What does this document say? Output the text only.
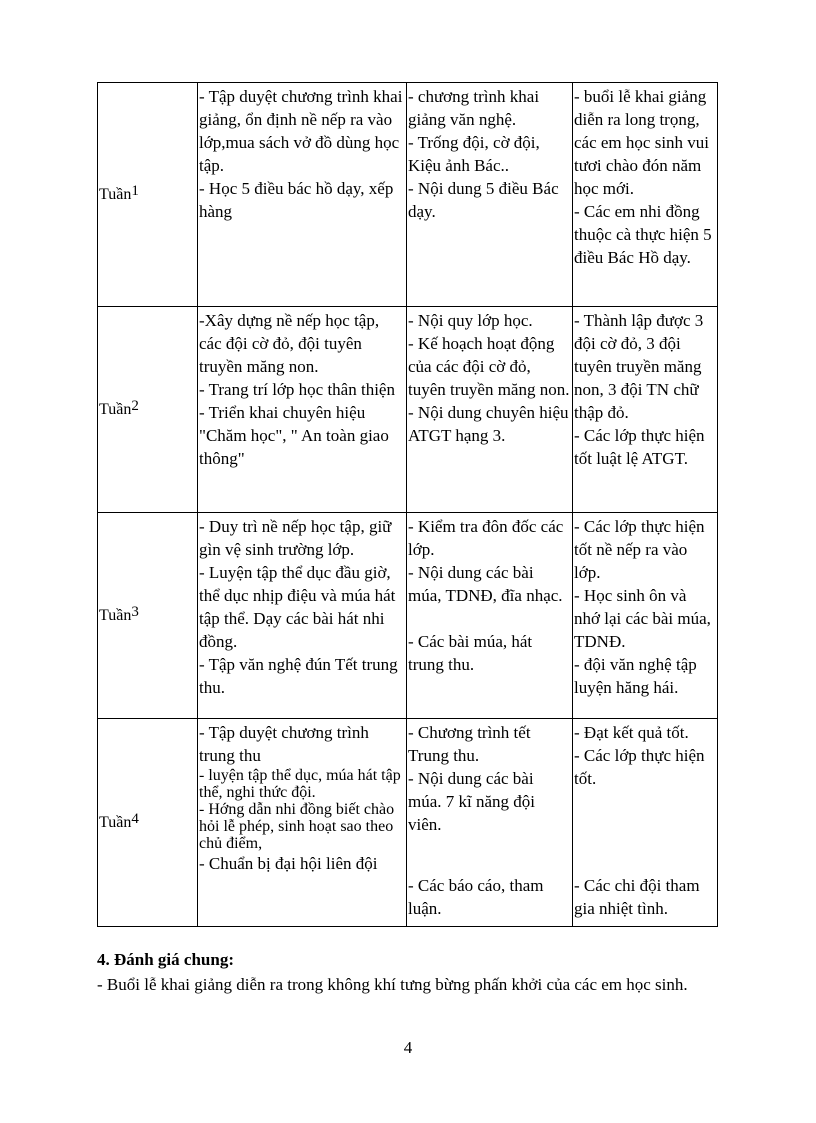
Tuần1	- Tập duyệt chương trình khai giảng, ổn định nề nếp ra vào lớp,mua sách vở đồ dùng học tập.
- Học 5 điều bác hồ dạy, xếp hàng	- chương trình khai giảng văn nghệ.
- Trống đội, cờ đội, Kiệu ảnh Bác..
- Nội dung 5 điều Bác dạy.	- buổi lễ khai giảng diễn ra long trọng, các em học sinh vui tươi chào đón năm học mới.
- Các em nhi đồng thuộc cà thực hiện 5 điều Bác Hồ dạy.

Tuần2	-Xây dựng nề nếp học tập, các đội cờ đỏ, đội tuyên truyền măng non.
- Trang trí lớp học thân thiện
- Triển khai chuyên hiệu "Chăm học", " An toàn giao thông"	- Nội quy lớp học.
- Kế hoạch hoạt động của các đội cờ đỏ, tuyên truyền măng non.
- Nội dung chuyên hiệu ATGT hạng 3.	- Thành lập được 3 đội cờ đỏ, 3 đội tuyên truyền măng non, 3 đội TN chữ thập đỏ.
- Các lớp thực hiện tốt luật lệ ATGT.

Tuần3	- Duy trì nề nếp học tập, giữ gìn vệ sinh trường lớp.
- Luyện tập thể dục đầu giờ, thể dục nhịp điệu và múa hát tập thể. Dạy các bài hát nhi đồng.
- Tập văn nghệ đún Tết trung thu.	- Kiểm tra đôn đốc các lớp.
- Nội dung các bài múa, TDNĐ, đĩa nhạc.
- Các bài múa, hát trung thu.	- Các lớp thực hiện tốt nề nếp ra vào lớp.
- Học sinh ôn và nhớ lại các bài múa, TDNĐ.
- đội văn nghệ tập luyện hăng hái.

Tuần4	- Tập duyệt chương trình trung thu
- luyện tập thể dục, múa hát tập thể, nghi thức đội.
- Hớng dẫn nhi đồng biết chào hỏi lễ phép, sinh hoạt sao theo chủ điểm,
- Chuẩn bị đại hội liên đội	- Chương trình tết Trung thu.
- Nội dung các bài múa. 7 kĩ năng đội viên.
- Các báo cáo, tham luận.	- Đạt kết quả tốt.
- Các lớp thực hiện tốt.
- Các chi đội tham gia nhiệt tình.
4. Đánh giá chung:
- Buổi lễ khai giảng diễn ra trong không khí tưng bừng phấn khởi của các em học sinh.
4
